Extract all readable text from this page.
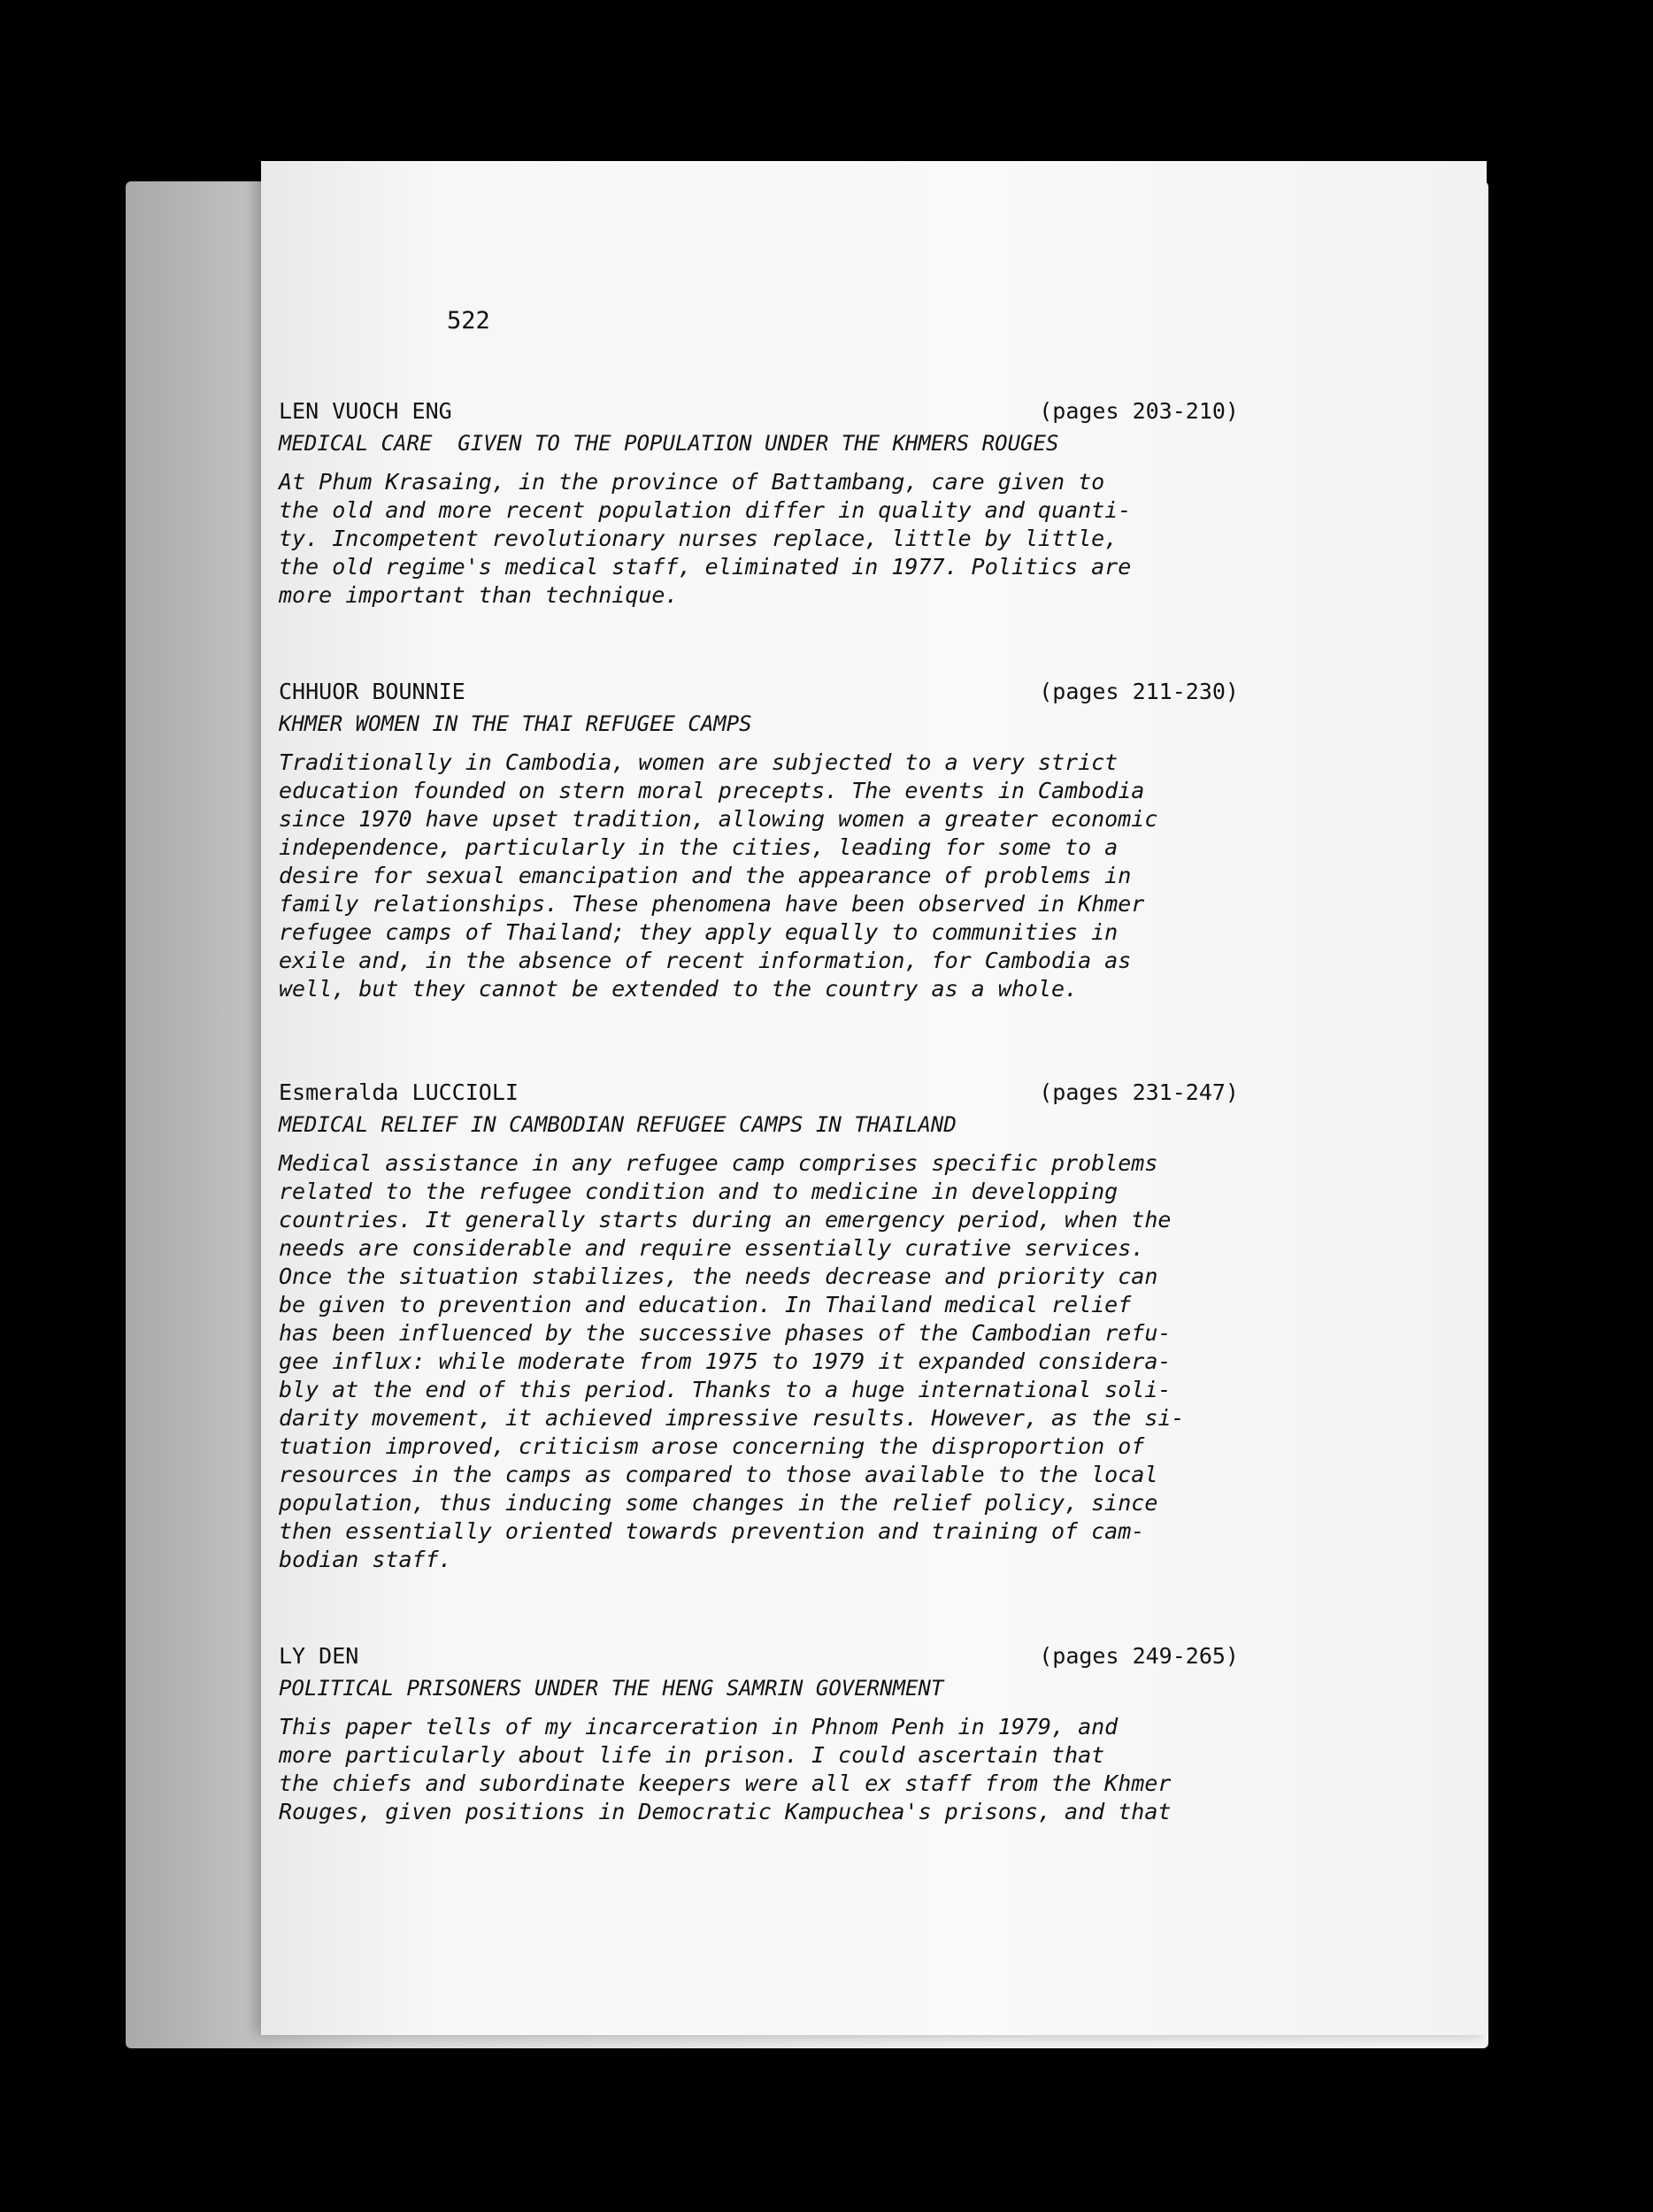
522
LEN VUOCH ENG	(pages 203-210)
MEDICAL CARE  GIVEN TO THE POPULATION UNDER THE KHMERS ROUGES

At Phum Krasaing, in the province of Battambang, care given to
the old and more recent population differ in quality and quanti-
ty. Incompetent revolutionary nurses replace, little by little,
the old regime's medical staff, eliminated in 1977. Politics are
more important than technique.

CHHUOR BOUNNIE	(pages 211-230)
KHMER WOMEN IN THE THAI REFUGEE CAMPS

Traditionally in Cambodia, women are subjected to a very strict
education founded on stern moral precepts. The events in Cambodia
since 1970 have upset tradition, allowing women a greater economic
independence, particularly in the cities, leading for some to a
desire for sexual emancipation and the appearance of problems in
family relationships. These phenomena have been observed in Khmer
refugee camps of Thailand; they apply equally to communities in
exile and, in the absence of recent information, for Cambodia as
well, but they cannot be extended to the country as a whole.

Esmeralda LUCCIOLI	(pages 231-247)
MEDICAL RELIEF IN CAMBODIAN REFUGEE CAMPS IN THAILAND

Medical assistance in any refugee camp comprises specific problems
related to the refugee condition and to medicine in developping
countries. It generally starts during an emergency period, when the
needs are considerable and require essentially curative services.
Once the situation stabilizes, the needs decrease and priority can
be given to prevention and education. In Thailand medical relief
has been influenced by the successive phases of the Cambodian refu-
gee influx: while moderate from 1975 to 1979 it expanded considera-
bly at the end of this period. Thanks to a huge international soli-
darity movement, it achieved impressive results. However, as the si-
tuation improved, criticism arose concerning the disproportion of
resources in the camps as compared to those available to the local
population, thus inducing some changes in the relief policy, since
then essentially oriented towards prevention and training of cam-
bodian staff.

LY DEN	(pages 249-265)
POLITICAL PRISONERS UNDER THE HENG SAMRIN GOVERNMENT

This paper tells of my incarceration in Phnom Penh in 1979, and
more particularly about life in prison. I could ascertain that
the chiefs and subordinate keepers were all ex staff from the Khmer
Rouges, given positions in Democratic Kampuchea's prisons, and that
